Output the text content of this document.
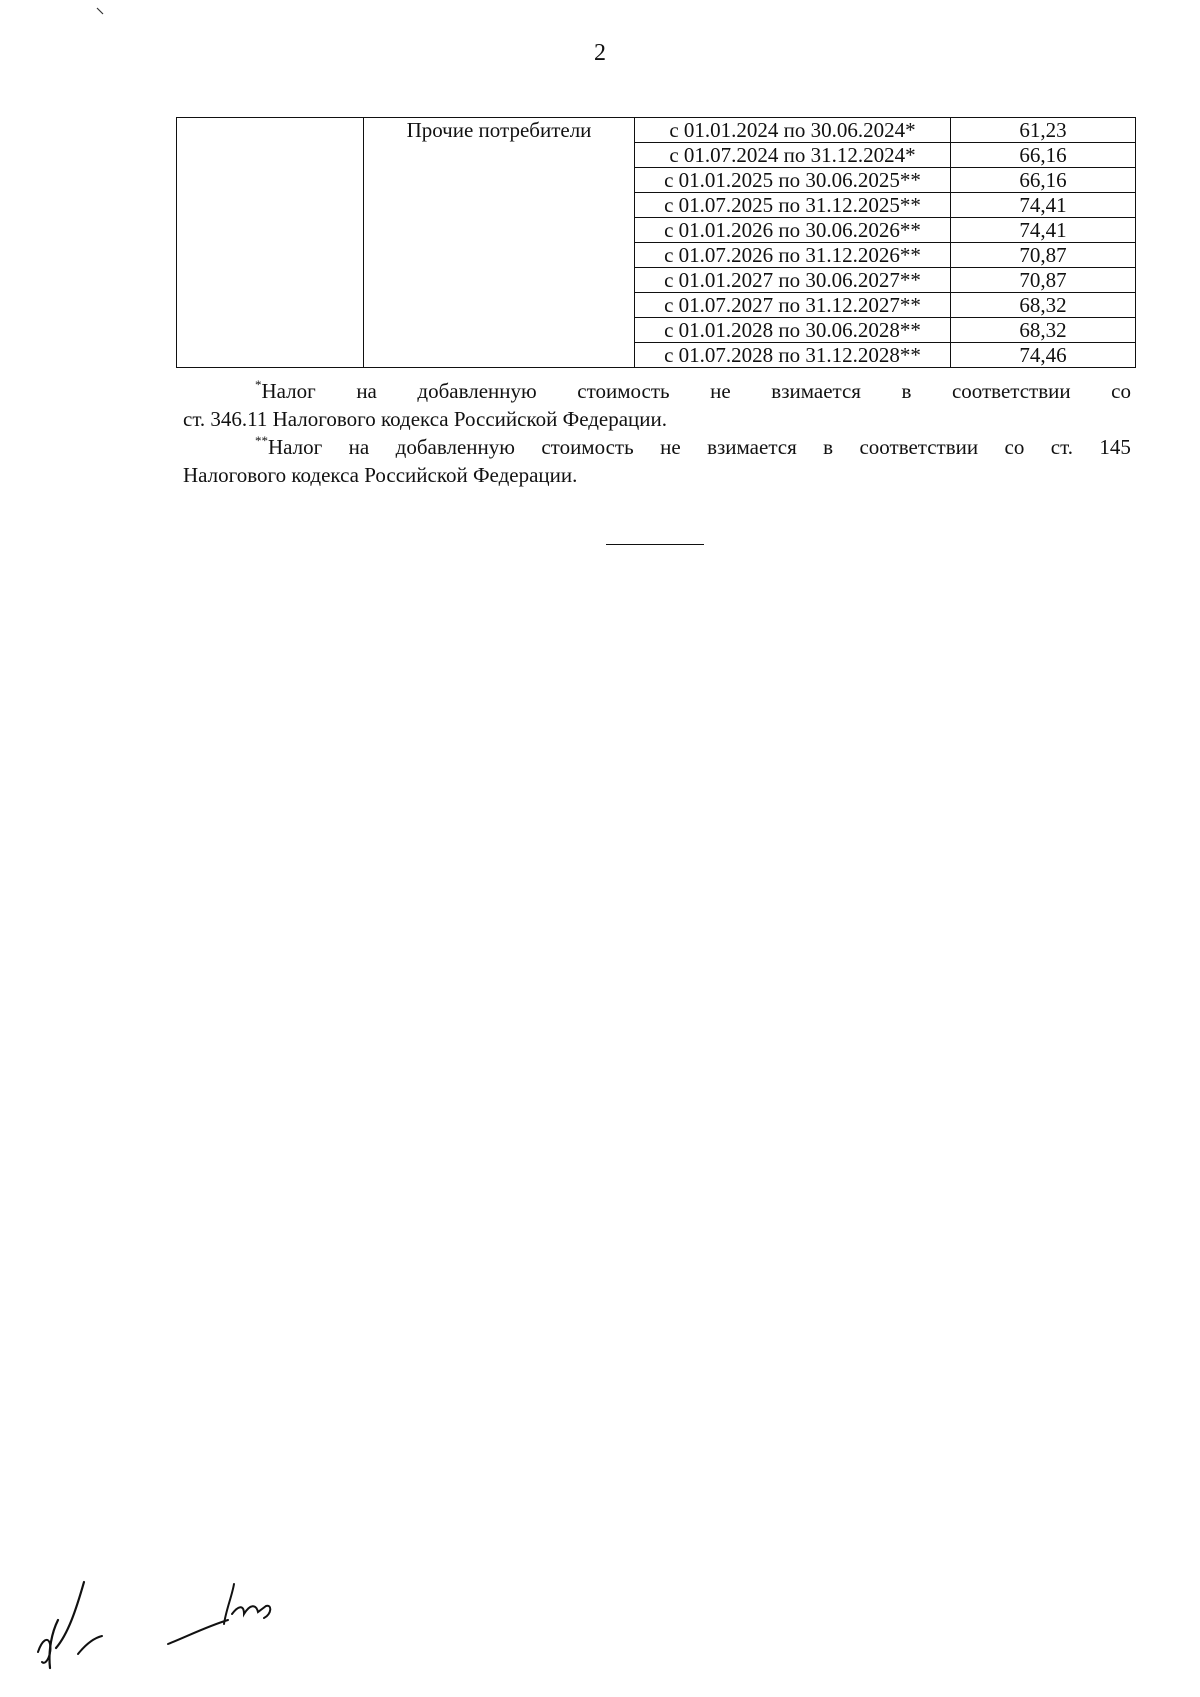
2
	Прочие потребители	с 01.01.2024 по 30.06.2024*	61,23
		с 01.07.2024 по 31.12.2024*	66,16
		с 01.01.2025 по 30.06.2025**	66,16
		с 01.07.2025 по 31.12.2025**	74,41
		с 01.01.2026 по 30.06.2026**	74,41
		с 01.07.2026 по 31.12.2026**	70,87
		с 01.01.2027 по 30.06.2027**	70,87
		с 01.07.2027 по 31.12.2027**	68,32
		с 01.01.2028 по 30.06.2028**	68,32
		с 01.07.2028 по 31.12.2028**	74,46
*Налог на добавленную стоимость не взимается в соответствии со
ст. 346.11 Налогового кодекса Российской Федерации.
**Налог на добавленную стоимость не взимается в соответствии со ст. 145
Налогового кодекса Российской Федерации.
